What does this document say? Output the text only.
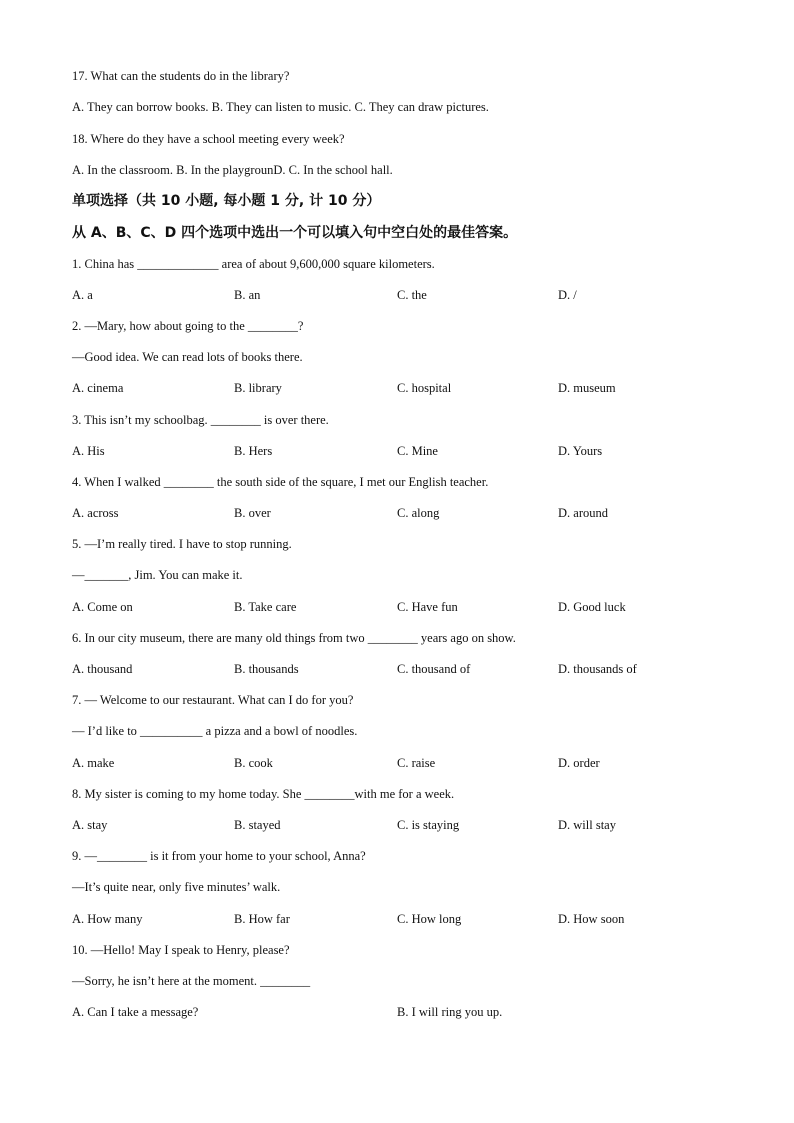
17. What can the students do in the library?
A. They can borrow books. B. They can listen to music. C. They can draw pictures.
18. Where do they have a school meeting every week?
A. In the classroom. B. In the playgrounD. C. In the school hall.
单项选择（共 10 小题, 每小题 1 分, 计 10 分）
从 A、B、C、D 四个选项中选出一个可以填入句中空白处的最佳答案。
1. China has _____________ area of about 9,600,000 square kilometers.
A. a	B. an	C. the	D. /
2. —Mary, how about going to the ________?
—Good idea. We can read lots of books there.
A. cinema	B. library	C. hospital	D. museum
3. This isn’t my schoolbag. ________ is over there.
A. His	B. Hers	C. Mine	D. Yours
4. When I walked ________ the south side of the square, I met our English teacher.
A. across	B. over	C. along	D. around
5. —I’m really tired. I have to stop running.
—_______, Jim. You can make it.
A. Come on	B. Take care	C. Have fun	D. Good luck
6. In our city museum, there are many old things from two ________ years ago on show.
A. thousand	B. thousands	C. thousand of	D. thousands of
7. — Welcome to our restaurant. What can I do for you?
— I’d like to __________ a pizza and a bowl of noodles.
A. make	B. cook	C. raise	D. order
8. My sister is coming to my home today. She ________with me for a week.
A. stay	B. stayed	C. is staying	D. will stay
9. —________ is it from your home to your school, Anna?
—It’s quite near, only five minutes’ walk.
A. How many	B. How far	C. How long	D. How soon
10. —Hello! May I speak to Henry, please?
—Sorry, he isn’t here at the moment. ________
A. Can I take a message?	B. I will ring you up.
